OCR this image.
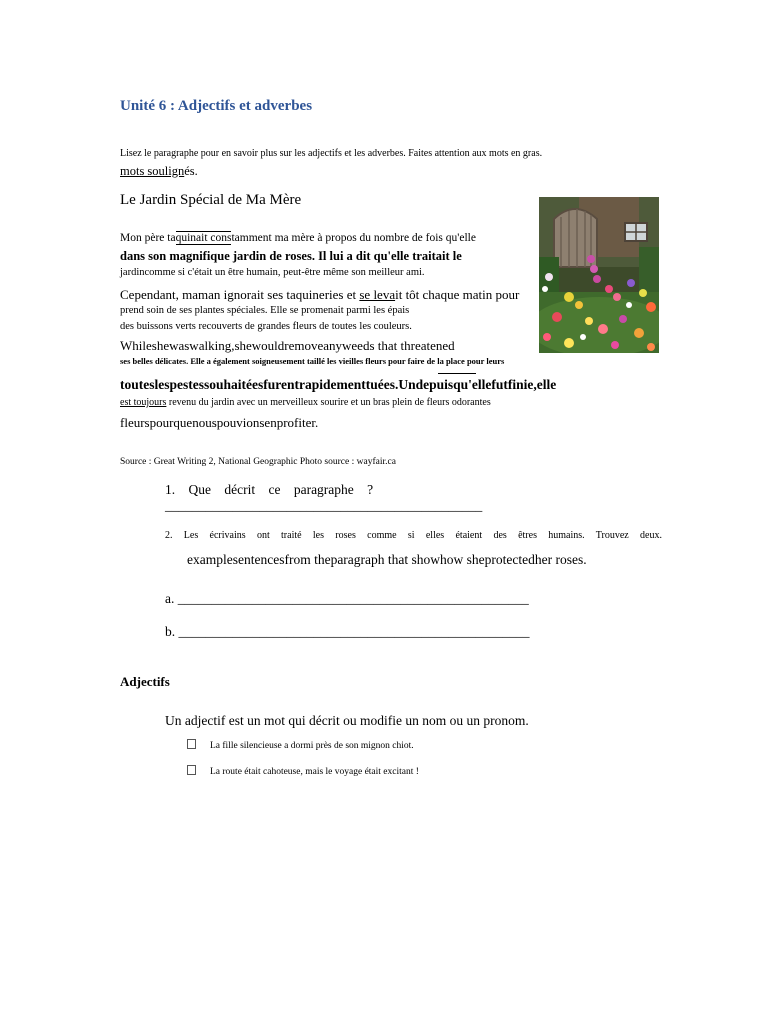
Unité 6 : Adjectifs et adverbes
Lisez le paragraphe pour en savoir plus sur les adjectifs et les adverbes. Faites attention aux mots en gras.
mots soulignés.
Le Jardin Spécial de Ma Mère
Mon père taquinait constamment ma mère à propos du nombre de fois qu'elle
dans son magnifique jardin de roses. Il lui a dit qu'elle traitait le
jardincomme si c'était un être humain, peut-être même son meilleur ami.
Cependant, maman ignorait ses taquineries et se levait tôt chaque matin pour
prend soin de ses plantes spéciales. Elle se promenait parmi les épais
des buissons verts recouverts de grandes fleurs de toutes les couleurs.
Whileshewaswalking,shewouldremoveanyweeds that threatened
ses belles délicates. Elle a également soigneusement taillé les vieilles fleurs pour faire de la place pour leurs
touteslespestessouhaitéesfurentrapidementtuées.Undepuisqu'ellefutfinie,elle
est toujours revenu du jardin avec un merveilleux sourire et un bras plein de fleurs odorantes
fleurspourquenouspouvionsenprofiter.
Source : Great Writing 2, National Geographic Photo source : wayfair.ca
1. Que décrit ce paragraphe ?
_______________________________________________
2. Les écrivains ont traité les roses comme si elles étaient des êtres humains. Trouvez deux.
examplesentencesfrom theparagraph that showhow sheprotectedher roses.
a. ____________________________________________________
b. ____________________________________________________
Adjectifs
Un adjectif est un mot qui décrit ou modifie un nom ou un pronom.
La fille silencieuse a dormi près de son mignon chiot.
La route était cahoteuse, mais le voyage était excitant !
